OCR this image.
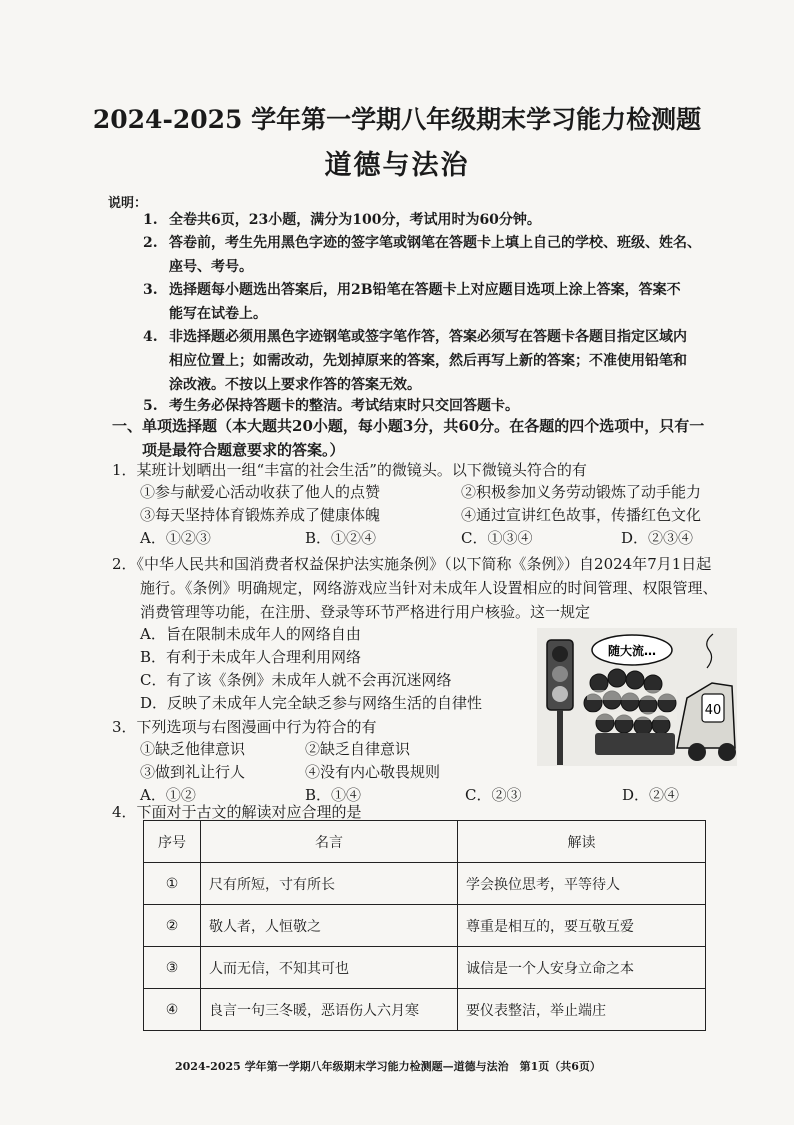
2024-2025 学年第一学期八年级期末学习能力检测题
道德与法治
说明：
1. 全卷共6页，23小题，满分为100分，考试用时为60分钟。
2. 答卷前，考生先用黑色字迹的签字笔或钢笔在答题卡上填上自己的学校、班级、姓名、
座号、考号。
3. 选择题每小题选出答案后，用2B铅笔在答题卡上对应题目选项上涂上答案，答案不
能写在试卷上。
4. 非选择题必须用黑色字迹钢笔或签字笔作答，答案必须写在答题卡各题目指定区域内
相应位置上；如需改动，先划掉原来的答案，然后再写上新的答案；不准使用铅笔和
涂改液。不按以上要求作答的答案无效。
5. 考生务必保持答题卡的整洁。考试结束时只交回答题卡。
一、单项选择题（本大题共20小题，每小题3分，共60分。在各题的四个选项中，只有一
项是最符合题意要求的答案。）
1．某班计划晒出一组“丰富的社会生活”的微镜头。以下微镜头符合的有
①参与献爱心活动收获了他人的点赞	②积极参加义务劳动锻炼了动手能力
③每天坚持体育锻炼养成了健康体魄	④通过宣讲红色故事，传播红色文化
A．①②③	B．①②④	C．①③④	D．②③④
2．《中华人民共和国消费者权益保护法实施条例》（以下简称《条例》）自2024年7月1日起
施行。《条例》明确规定，网络游戏应当针对未成年人设置相应的时间管理、权限管理、
消费管理等功能，在注册、登录等环节严格进行用户核验。这一规定
A．旨在限制未成年人的网络自由
B．有利于未成年人合理利用网络
C．有了该《条例》未成年人就不会再沉迷网络
D．反映了未成年人完全缺乏参与网络生活的自律性
随大流…
40
3．下列选项与右图漫画中行为符合的有
①缺乏他律意识	②缺乏自律意识
③做到礼让行人	④没有内心敬畏规则
A．①②	B．①④	C．②③	D．②④
4．下面对于古文的解读对应合理的是
序号	名言	解读
①	尺有所短，寸有所长	学会换位思考，平等待人
②	敬人者，人恒敬之	尊重是相互的，要互敬互爱
③	人而无信，不知其可也	诚信是一个人安身立命之本
④	良言一句三冬暖，恶语伤人六月寒	要仪表整洁，举止端庄
2024-2025 学年第一学期八年级期末学习能力检测题—道德与法治　第1页（共6页）
